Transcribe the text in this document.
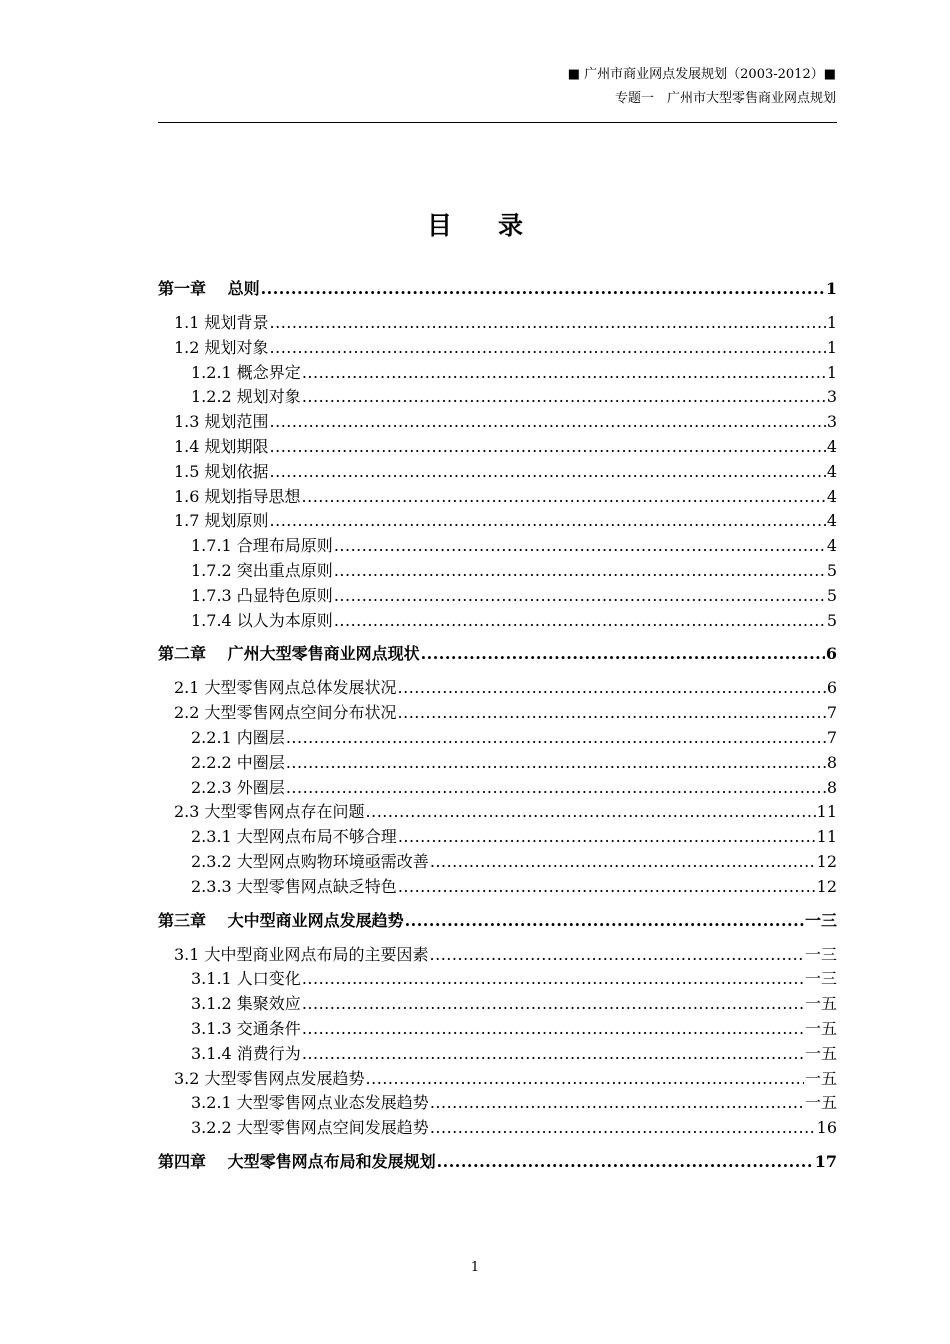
■ 广州市商业网点发展规划（2003-2012）■
专题一　广州市大型零售商业网点规划
目录
第一章　 总则 .....	1
1.1 规划背景 .....	1
1.2 规划对象 .....	1
1.2.1 概念界定 .....	1
1.2.2 规划对象 .....	3
1.3 规划范围 .....	3
1.4 规划期限 .....	4
1.5 规划依据 .....	4
1.6 规划指导思想 .....	4
1.7 规划原则 .....	4
1.7.1 合理布局原则 .....	4
1.7.2 突出重点原则 .....	5
1.7.3 凸显特色原则 .....	5
1.7.4 以人为本原则 .....	5
第二章　 广州大型零售商业网点现状 .....	6
2.1 大型零售网点总体发展状况 .....	6
2.2 大型零售网点空间分布状况 .....	7
2.2.1 内圈层 .....	7
2.2.2 中圈层 .....	8
2.2.3 外圈层 .....	8
2.3 大型零售网点存在问题 .....	11
2.3.1 大型网点布局不够合理 .....	11
2.3.2 大型网点购物环境亟需改善 .....	12
2.3.3 大型零售网点缺乏特色 .....	12
第三章　 大中型商业网点发展趋势 .....	一三
3.1 大中型商业网点布局的主要因素 .....	一三
3.1.1 人口变化 .....	一三
3.1.2 集聚效应 .....	一五
3.1.3 交通条件 .....	一五
3.1.4 消费行为 .....	一五
3.2 大型零售网点发展趋势 .....	一五
3.2.1 大型零售网点业态发展趋势 .....	一五
3.2.2 大型零售网点空间发展趋势 .....	16
第四章　 大型零售网点布局和发展规划 .....	17
1
